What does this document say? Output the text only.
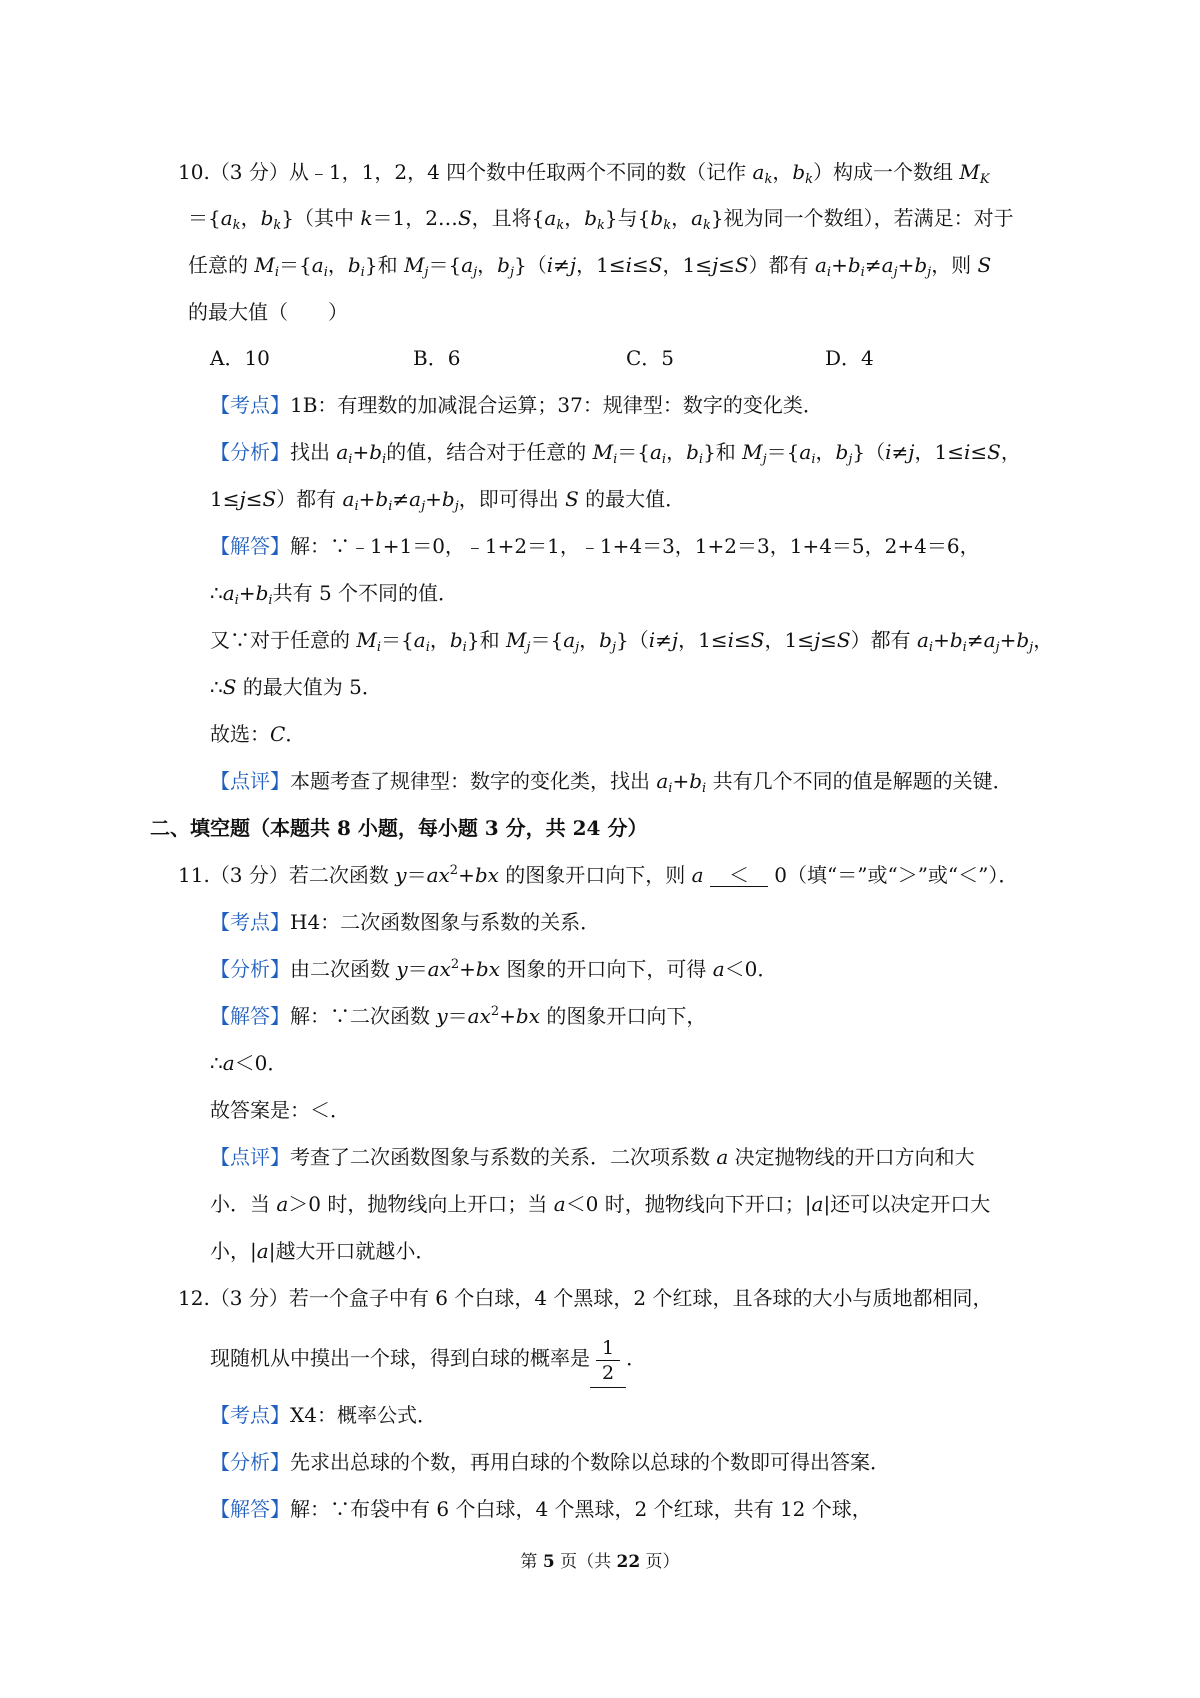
10.（3 分）从﹣1，1，2，4 四个数中任取两个不同的数（记作 $a_k$，$b_k$）构成一个数组 $M_K$
$=\{a_k$，$b_k$}（其中 k＝1，2…S，且将{$a_k$，$b_k$}与{$b_k$，$a_k$}视为同一个数组），若满足：对于
任意的 $M_i=\{a_i$，$b_i$}和 $M_j=\{a_j$，$b_j\}(i\ne j$，1≤i≤S，1≤j≤S）都有 $a_i+b_i\ne a_j+b_j$，则 S
的最大值（　　）
A．10	B．6	C．5	D．4
【考点】1B：有理数的加减混合运算；37：规律型：数字的变化类．
【分析】找出 $a_i+b_i$的值，结合对于任意的 $M_i=\{a_i$，$b_i$}和 $M_j=\{a_i$，$b_j\}(i\ne j$，1≤i≤S，
1≤j≤S）都有 $a_i+b_i\ne a_j+b_j$，即可得出 S 的最大值．
【解答】解：∵﹣1+1＝0，﹣1+2＝1，﹣1+4＝3，1+2＝3，1+4＝5，2+4＝6，
$\therefore a_i+b_i$共有 5 个不同的值．
又∵对于任意的 $M_i=\{a_i$，$b_i$}和 $M_j=\{a_j$，$b_j\}(i\ne j$，1≤i≤S，1≤j≤S）都有 $a_i+b_i\ne a_j+b_j$，
∴S 的最大值为 5．
故选：C．
【点评】本题考查了规律型：数字的变化类，找出 $a_i+b_i$ 共有几个不同的值是解题的关键．
二、填空题（本题共 8 小题，每小题 3 分，共 24 分）
11.（3 分）若二次函数 $y=ax^2+bx$ 的图象开口向下，则 a ＜ 0（填“＝”或“＞”或“＜”）．
【考点】H4：二次函数图象与系数的关系．
【分析】由二次函数 $y=ax^2+bx$ 图象的开口向下，可得 a＜0．
【解答】解：∵二次函数 $y=ax^2+bx$ 的图象开口向下，
∴a＜0．
故答案是：＜．
【点评】考查了二次函数图象与系数的关系．二次项系数 a 决定抛物线的开口方向和大
小．当 a＞0 时，抛物线向上开口；当 a＜0 时，抛物线向下开口；|a|还可以决定开口大
小，|a|越大开口就越小．
12.（3 分）若一个盒子中有 6 个白球，4 个黑球，2 个红球，且各球的大小与质地都相同，
现随机从中摸出一个球，得到白球的概率是 $\frac{1}{2}$ ．
【考点】X4：概率公式．
【分析】先求出总球的个数，再用白球的个数除以总球的个数即可得出答案．
【解答】解：∵布袋中有 6 个白球，4 个黑球，2 个红球，共有 12 个球，
第 5 页（共 22 页）
